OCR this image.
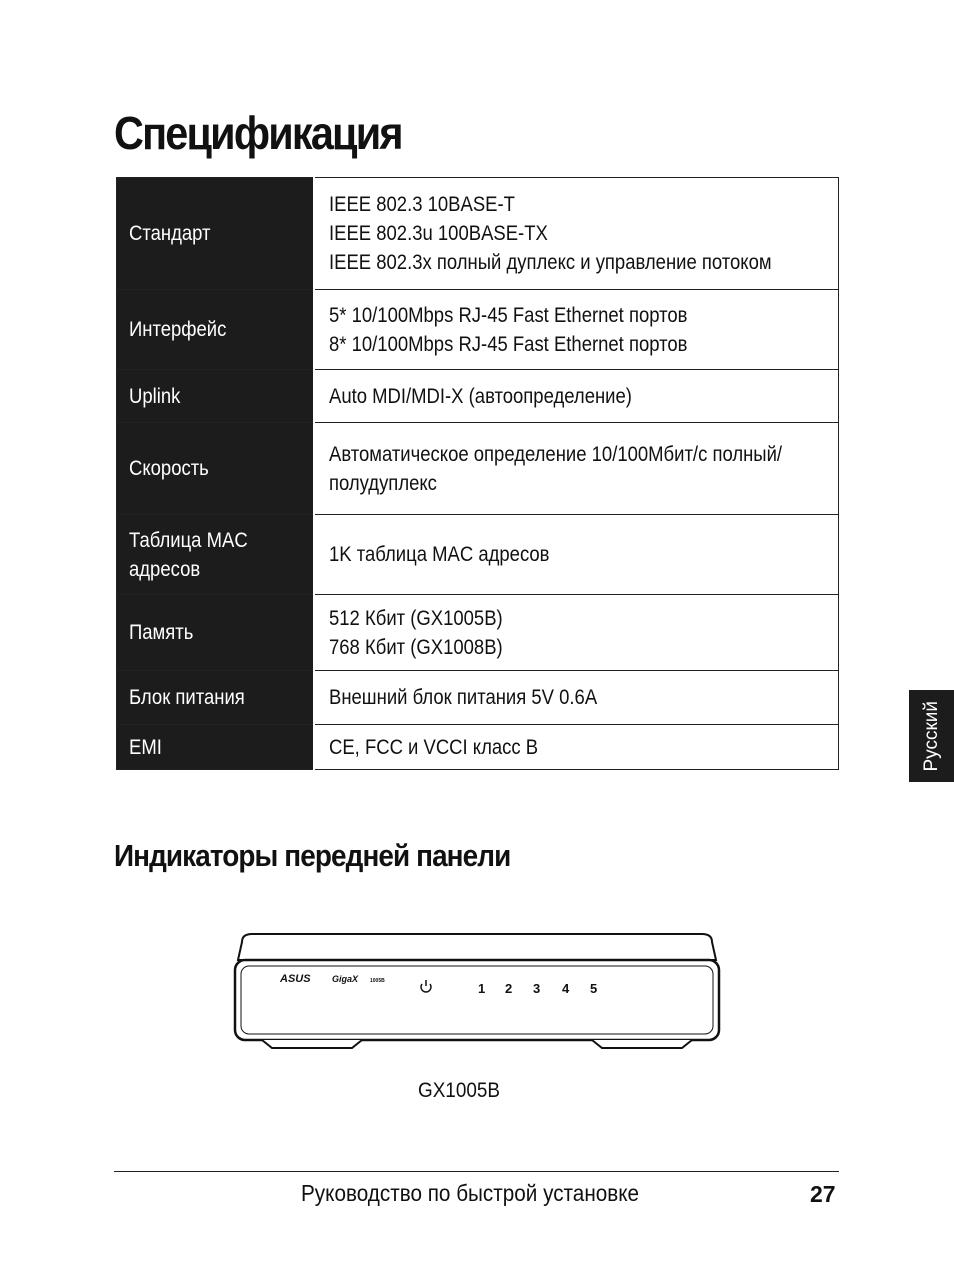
Спецификация
Стандарт	IEEE 802.3 10BASE-T
IEEE 802.3u 100BASE-TX
IEEE 802.3x полный дуплекс и управление потоком

Интерфейс	5* 10/100Mbps RJ-45 Fast Ethernet портов
8* 10/100Mbps RJ-45 Fast Ethernet портов

Uplink	Auto MDI/MDI-X (автоопределение)

Скорость	Автоматическое определение 10/100Мбит/с полный/
полудуплекс

Таблица MAC адресов	1K таблица MAC адресов

Память	512 Кбит (GX1005B)
768 Кбит (GX1008B)

Блок питания	Внешний блок питания 5V 0.6A

EMI	CE, FCC и VCCI класс B
Индикаторы передней панели
ASUS GigaX 1005B	1 2 3 4 5
GX1005B
Русский
Руководство по быстрой установке	27
